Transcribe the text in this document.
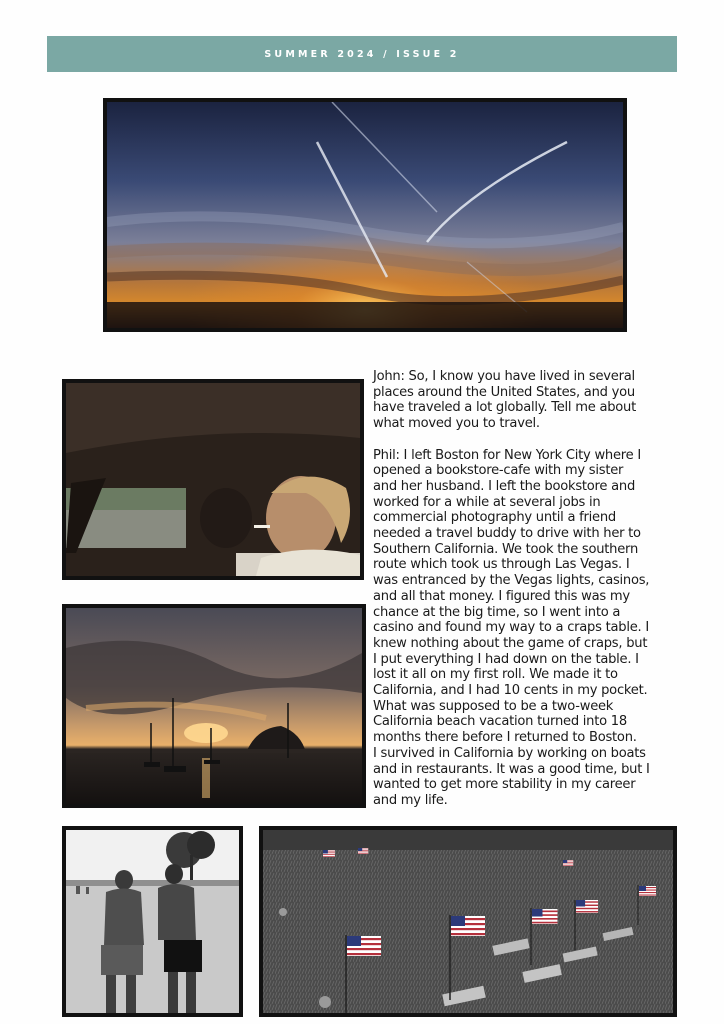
SUMMER 2024 / ISSUE 2

John: So, I know you have lived in several
places around the United States, and you
have traveled a lot globally. Tell me about
what moved you to travel.

Phil: I left Boston for New York City where I
opened a bookstore-cafe with my sister
and her husband. I left the bookstore and
worked for a while at several jobs in
commercial photography until a friend
needed a travel buddy to drive with her to
Southern California. We took the southern
route which took us through Las Vegas. I
was entranced by the Vegas lights, casinos,
and all that money. I figured this was my
chance at the big time, so I went into a
casino and found my way to a craps table. I
knew nothing about the game of craps, but
I put everything I had down on the table. I
lost it all on my first roll. We made it to
California, and I had 10 cents in my pocket.
What was supposed to be a two-week
California beach vacation turned into 18
months there before I returned to Boston.
I survived in California by working on boats
and in restaurants. It was a good time, but I
wanted to get more stability in my career
and my life.
